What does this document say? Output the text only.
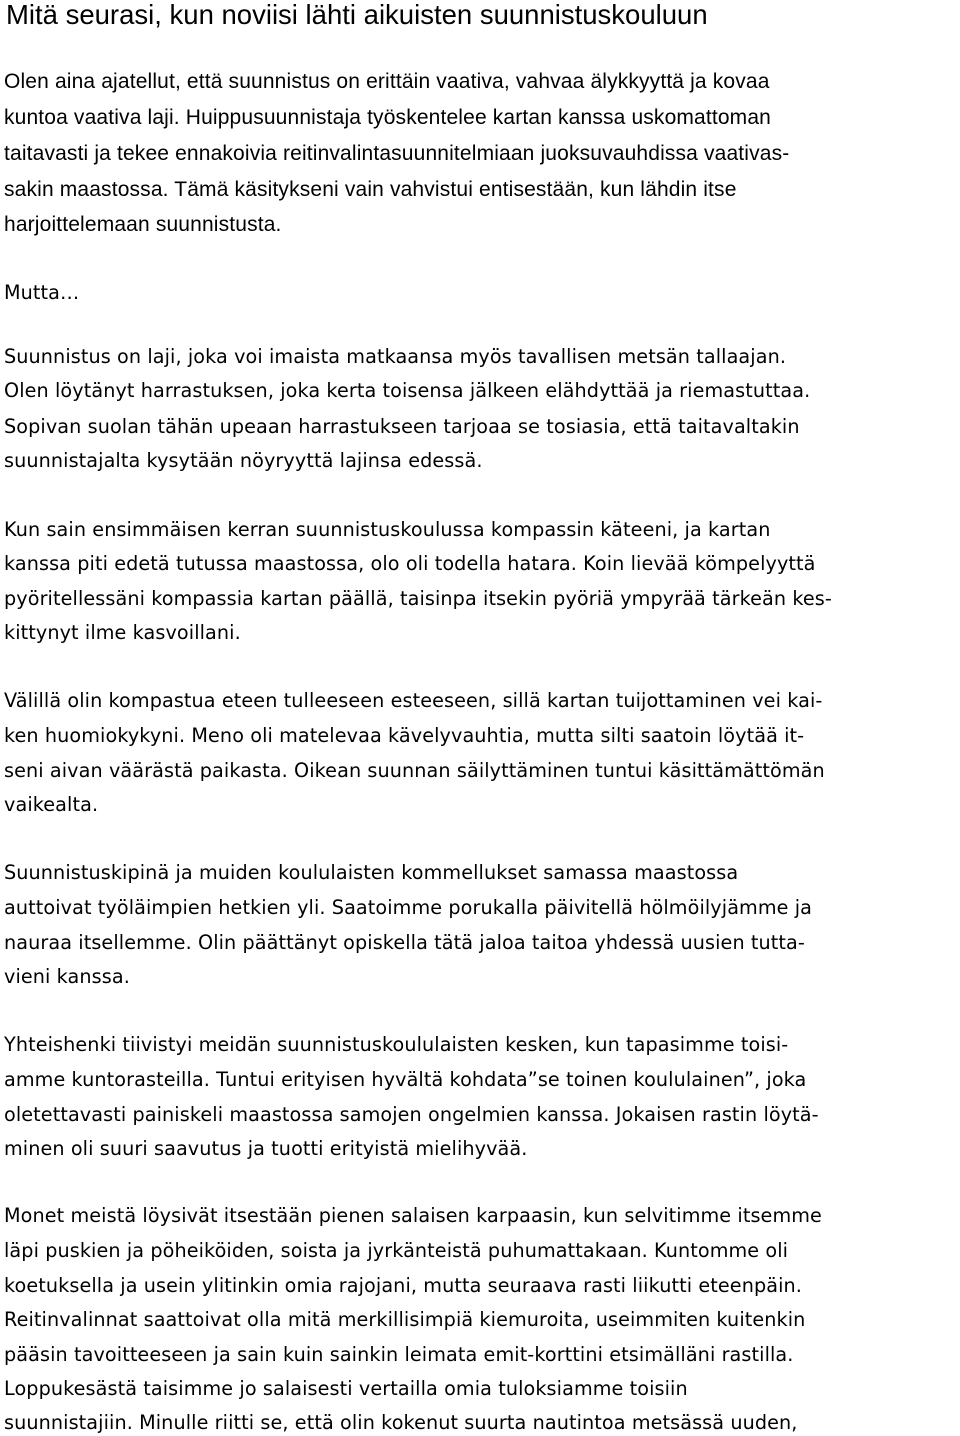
Mitä seurasi, kun noviisi lähti aikuisten suunnistuskouluun
Olen aina ajatellut, että suunnistus on erittäin vaativa, vahvaa älykkyyttä ja kovaa
kuntoa vaativa laji. Huippusuunnistaja työskentelee kartan kanssa uskomattoman
taitavasti ja tekee ennakoivia reitinvalintasuunnitelmiaan juoksuvauhdissa vaativas-
sakin maastossa. Tämä käsitykseni vain vahvistui entisestään, kun lähdin itse
harjoittelemaan suunnistusta.
Mutta…
Suunnistus on laji, joka voi imaista matkaansa myös tavallisen metsän tallaajan.
Olen löytänyt harrastuksen, joka kerta toisensa jälkeen elähdyttää ja riemastuttaa.
Sopivan suolan tähän upeaan harrastukseen tarjoaa se tosiasia, että taitavaltakin
suunnistajalta kysytään nöyryyttä lajinsa edessä.
Kun sain ensimmäisen kerran suunnistuskoulussa kompassin käteeni, ja kartan
kanssa piti edetä tutussa maastossa, olo oli todella hatara. Koin lievää kömpelyyttä
pyöritellessäni kompassia kartan päällä, taisinpa itsekin pyöriä ympyrää tärkeän kes-
kittynyt ilme kasvoillani.
Välillä olin kompastua eteen tulleeseen esteeseen, sillä kartan tuijottaminen vei kai-
ken huomiokykyni. Meno oli matelevaa kävelyvauhtia, mutta silti saatoin löytää it-
seni aivan väärästä paikasta. Oikean suunnan säilyttäminen tuntui käsittämättömän
vaikealta.
Suunnistuskipinä ja muiden koululaisten kommellukset samassa maastossa
auttoivat työläimpien hetkien yli. Saatoimme porukalla päivitellä hölmöilyjämme ja
nauraa itsellemme. Olin päättänyt opiskella tätä jaloa taitoa yhdessä uusien tutta-
vieni kanssa.
Yhteishenki tiivistyi meidän suunnistuskoululaisten kesken, kun tapasimme toisi-
amme kuntorasteilla. Tuntui erityisen hyvältä kohdata”se toinen koululainen”, joka
oletettavasti painiskeli maastossa samojen ongelmien kanssa. Jokaisen rastin löytä-
minen oli suuri saavutus ja tuotti erityistä mielihyvää.
Monet meistä löysivät itsestään pienen salaisen karpaasin, kun selvitimme itsemme
läpi puskien ja pöheiköiden, soista ja jyrkänteistä puhumattakaan. Kuntomme oli
koetuksella ja usein ylitinkin omia rajojani, mutta seuraava rasti liikutti eteenpäin.
Reitinvalinnat saattoivat olla mitä merkillisimpiä kiemuroita, useimmiten kuitenkin
pääsin tavoitteeseen ja sain kuin sainkin leimata emit-korttini etsimälläni rastilla.
Loppukesästä taisimme jo salaisesti vertailla omia tuloksiamme toisiin
suunnistajiin. Minulle riitti se, että olin kokenut suurta nautintoa metsässä uuden,
